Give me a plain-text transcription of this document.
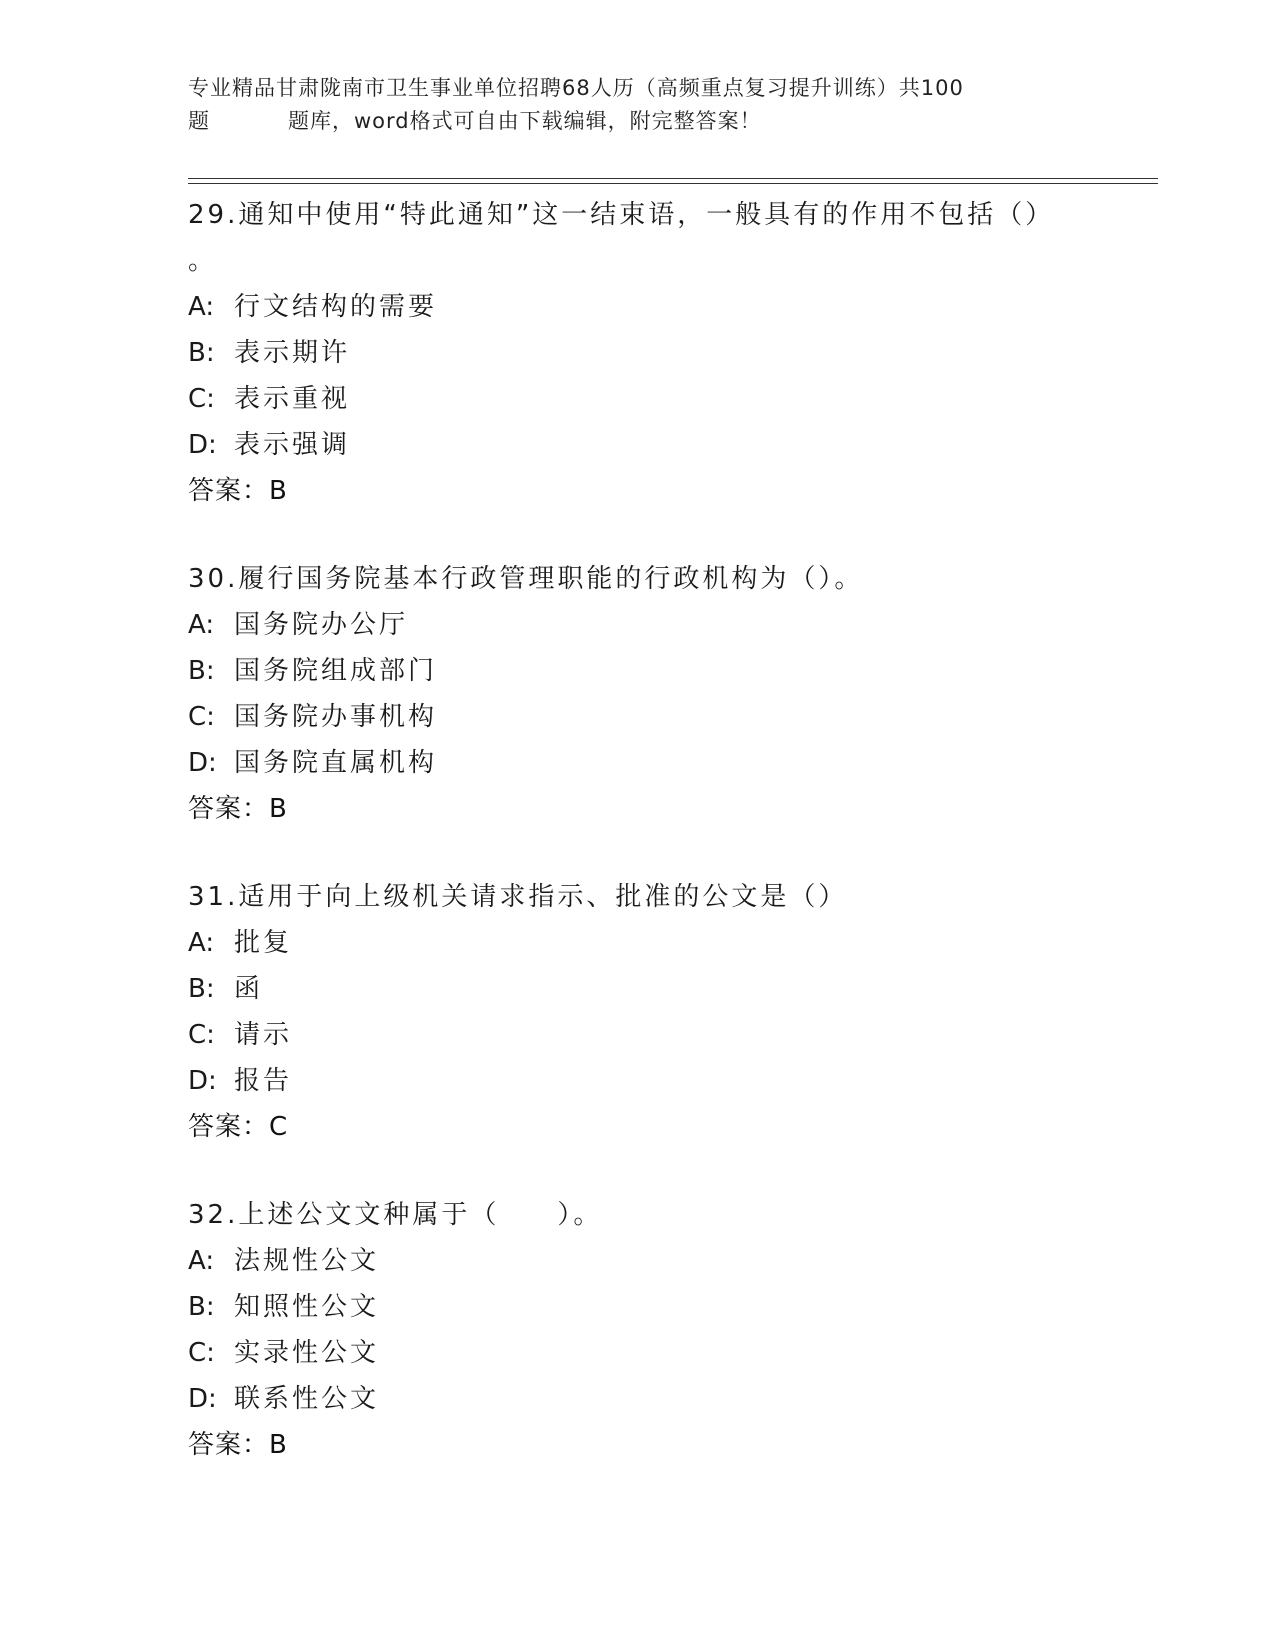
专业精品甘肃陇南市卫生事业单位招聘68人历（高频重点复习提升训练）共100
题	题库，word格式可自由下载编辑，附完整答案！

29.通知中使用“特此通知”这一结束语，一般具有的作用不包括（）
。

A: 行文结构的需要

B: 表示期许

C: 表示重视

D: 表示强调

答案：B

30.履行国务院基本行政管理职能的行政机构为（）。

A: 国务院办公厅

B: 国务院组成部门

C: 国务院办事机构

D: 国务院直属机构

答案：B

31.适用于向上级机关请求指示、批准的公文是（）

A: 批复

B: 函

C: 请示

D: 报告

答案：C

32.上述公文文种属于（　　）。

A: 法规性公文

B: 知照性公文

C: 实录性公文

D: 联系性公文

答案：B
